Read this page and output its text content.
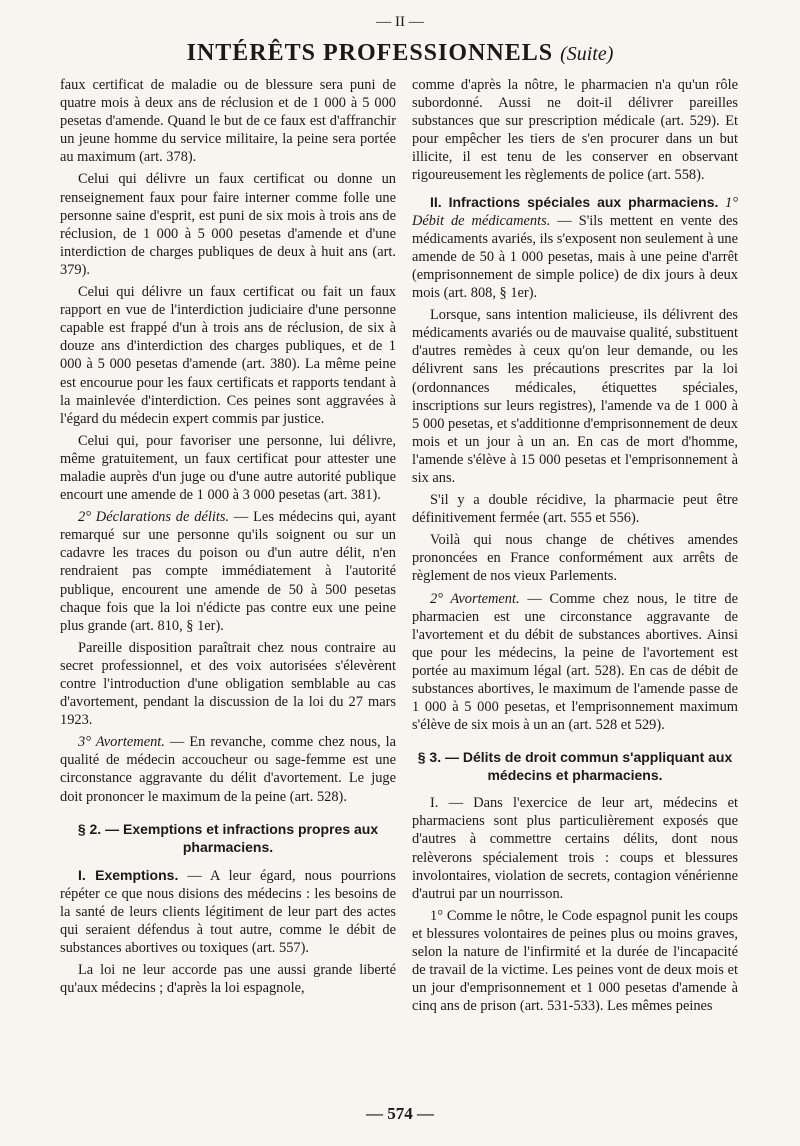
— II —
INTÉRÊTS PROFESSIONNELS (Suite)

faux certificat de maladie ou de blessure sera puni de quatre mois à deux ans de réclusion et de 1 000 à 5 000 pesetas d'amende. Quand le but de ce faux est d'affranchir un jeune homme du service militaire, la peine sera portée au maximum (art. 378).

Celui qui délivre un faux certificat ou donne un renseignement faux pour faire interner comme folle une personne saine d'esprit, est puni de six mois à trois ans de réclusion, de 1 000 à 5 000 pesetas d'amende et d'une interdiction de charges publiques de deux à huit ans (art. 379).

Celui qui délivre un faux certificat ou fait un faux rapport en vue de l'interdiction judiciaire d'une personne capable est frappé d'un à trois ans de réclusion, de six à douze ans d'interdiction des charges publiques, et de 1 000 à 5 000 pesetas d'amende (art. 380). La même peine est encourue pour les faux certificats et rapports tendant à la mainlevée d'interdiction. Ces peines sont aggravées à l'égard du médecin expert commis par justice.

Celui qui, pour favoriser une personne, lui délivre, même gratuitement, un faux certificat pour attester une maladie auprès d'un juge ou d'une autre autorité publique encourt une amende de 1 000 à 3 000 pesetas (art. 381).

2° Déclarations de délits. — Les médecins qui, ayant remarqué sur une personne qu'ils soignent ou sur un cadavre les traces du poison ou d'un autre délit, n'en rendraient pas compte immédiatement à l'autorité publique, encourent une amende de 50 à 500 pesetas chaque fois que la loi n'édicte pas contre eux une peine plus grande (art. 810, § 1er).

Pareille disposition paraîtrait chez nous contraire au secret professionnel, et des voix autorisées s'élevèrent contre l'introduction d'une obligation semblable au cas d'avortement, pendant la discussion de la loi du 27 mars 1923.

3° Avortement. — En revanche, comme chez nous, la qualité de médecin accoucheur ou sage-femme est une circonstance aggravante du délit d'avortement. Le juge doit prononcer le maximum de la peine (art. 528).

§ 2. — Exemptions et infractions propres aux pharmaciens.

I. Exemptions. — A leur égard, nous pourrions répéter ce que nous disions des médecins : les besoins de la santé de leurs clients légitiment de leur part des actes qui seraient défendus à tout autre, comme le débit de substances abortives ou toxiques (art. 557).

La loi ne leur accorde pas une aussi grande liberté qu'aux médecins ; d'après la loi espagnole,

comme d'après la nôtre, le pharmacien n'a qu'un rôle subordonné. Aussi ne doit-il délivrer pareilles substances que sur prescription médicale (art. 529). Et pour empêcher les tiers de s'en procurer dans un but illicite, il est tenu de les conserver en observant rigoureusement les règlements de police (art. 558).

II. Infractions spéciales aux pharmaciens. 1° Débit de médicaments. — S'ils mettent en vente des médicaments avariés, ils s'exposent non seulement à une amende de 50 à 1 000 pesetas, mais à une peine d'arrêt (emprisonnement de simple police) de dix jours à deux mois (art. 808, § 1er).

Lorsque, sans intention malicieuse, ils délivrent des médicaments avariés ou de mauvaise qualité, substituent d'autres remèdes à ceux qu'on leur demande, ou les délivrent sans les précautions prescrites par la loi (ordonnances médicales, étiquettes spéciales, inscriptions sur leurs registres), l'amende va de 1 000 à 5 000 pesetas, et s'additionne d'emprisonnement de deux mois et un jour à un an. En cas de mort d'homme, l'amende s'élève à 15 000 pesetas et l'emprisonnement à six ans.

S'il y a double récidive, la pharmacie peut être définitivement fermée (art. 555 et 556).

Voilà qui nous change de chétives amendes prononcées en France conformément aux arrêts de règlement de nos vieux Parlements.

2° Avortement. — Comme chez nous, le titre de pharmacien est une circonstance aggravante de l'avortement et du débit de substances abortives. Ainsi que pour les médecins, la peine de l'avortement est portée au maximum légal (art. 528). En cas de débit de substances abortives, le maximum de l'amende passe de 1 000 à 5 000 pesetas, et l'emprisonnement maximum s'élève de six mois à un an (art. 528 et 529).

§ 3. — Délits de droit commun s'appliquant aux médecins et pharmaciens.

I. — Dans l'exercice de leur art, médecins et pharmaciens sont plus particulièrement exposés que d'autres à commettre certains délits, dont nous relèverons spécialement trois : coups et blessures involontaires, violation de secrets, contagion vénérienne d'autrui par un nourrisson.

1° Comme le nôtre, le Code espagnol punit les coups et blessures volontaires de peines plus ou moins graves, selon la nature de l'infirmité et la durée de l'incapacité de travail de la victime. Les peines vont de deux mois et un jour d'emprisonnement et 1 000 pesetas d'amende à cinq ans de prison (art. 531-533). Les mêmes peines

— 574 —
